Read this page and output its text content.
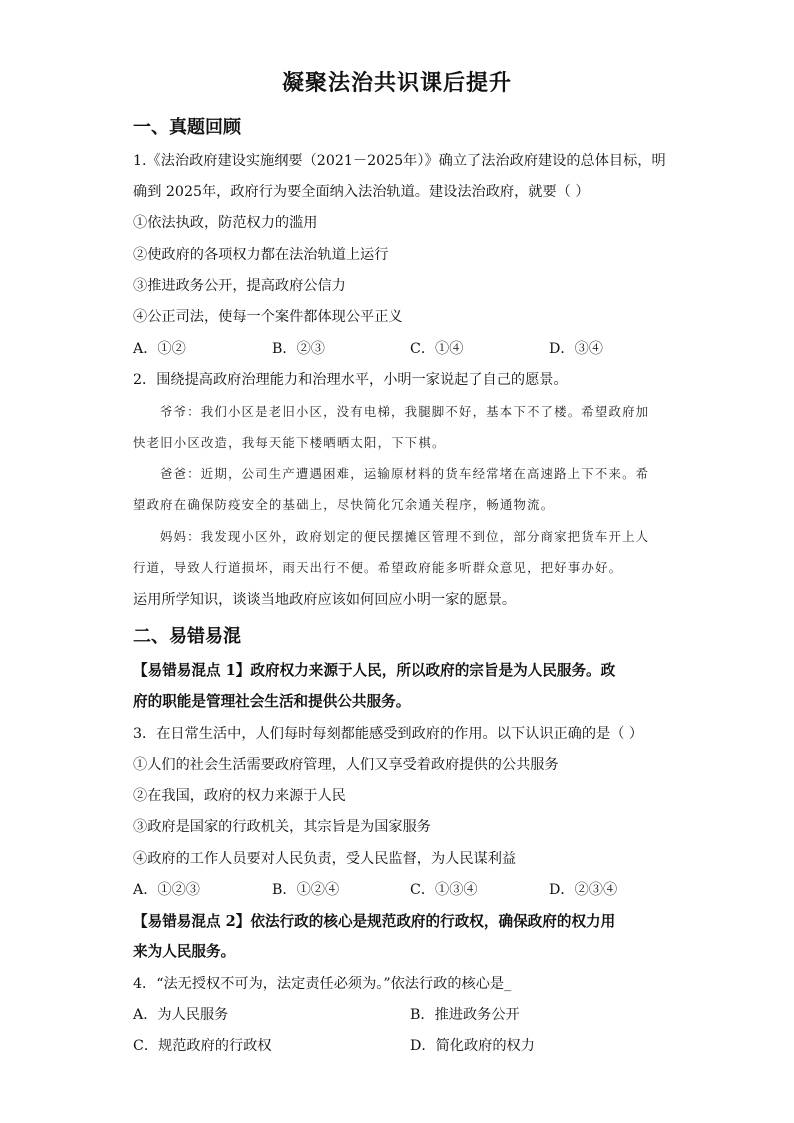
凝聚法治共识课后提升
一、真题回顾
1.《法治政府建设实施纲要（2021－2025年）》确立了法治政府建设的总体目标，明
确到 2025年，政府行为要全面纳入法治轨道。建设法治政府，就要（ ）
①依法执政，防范权力的滥用
②使政府的各项权力都在法治轨道上运行
③推进政务公开，提高政府公信力
④公正司法，使每一个案件都体现公平正义
A．①②	B．②③	C．①④	D．③④
2．围绕提高政府治理能力和治理水平，小明一家说起了自己的愿景。
爷爷：我们小区是老旧小区，没有电梯，我腿脚不好，基本下不了楼。希望政府加
快老旧小区改造，我每天能下楼晒晒太阳，下下棋。
爸爸：近期，公司生产遭遇困难，运输原材料的货车经常堵在高速路上下不来。希
望政府在确保防疫安全的基础上，尽快简化冗余通关程序，畅通物流。
妈妈：我发现小区外，政府划定的便民摆摊区管理不到位，部分商家把货车开上人
行道，导致人行道损坏，雨天出行不便。希望政府能多听群众意见，把好事办好。
运用所学知识，谈谈当地政府应该如何回应小明一家的愿景。
二、易错易混
【易错易混点 1】政府权力来源于人民，所以政府的宗旨是为人民服务。政
府的职能是管理社会生活和提供公共服务。
3．在日常生活中，人们每时每刻都能感受到政府的作用。以下认识正确的是（ ）
①人们的社会生活需要政府管理，人们又享受着政府提供的公共服务
②在我国，政府的权力来源于人民
③政府是国家的行政机关，其宗旨是为国家服务
④政府的工作人员要对人民负责，受人民监督，为人民谋利益
A．①②③	B．①②④	C．①③④	D．②③④
【易错易混点 2】依法行政的核心是规范政府的行政权，确保政府的权力用
来为人民服务。
4．“法无授权不可为，法定责任必须为。”依法行政的核心是_
A．为人民服务	B．推进政务公开
C．规范政府的行政权	D．简化政府的权力
